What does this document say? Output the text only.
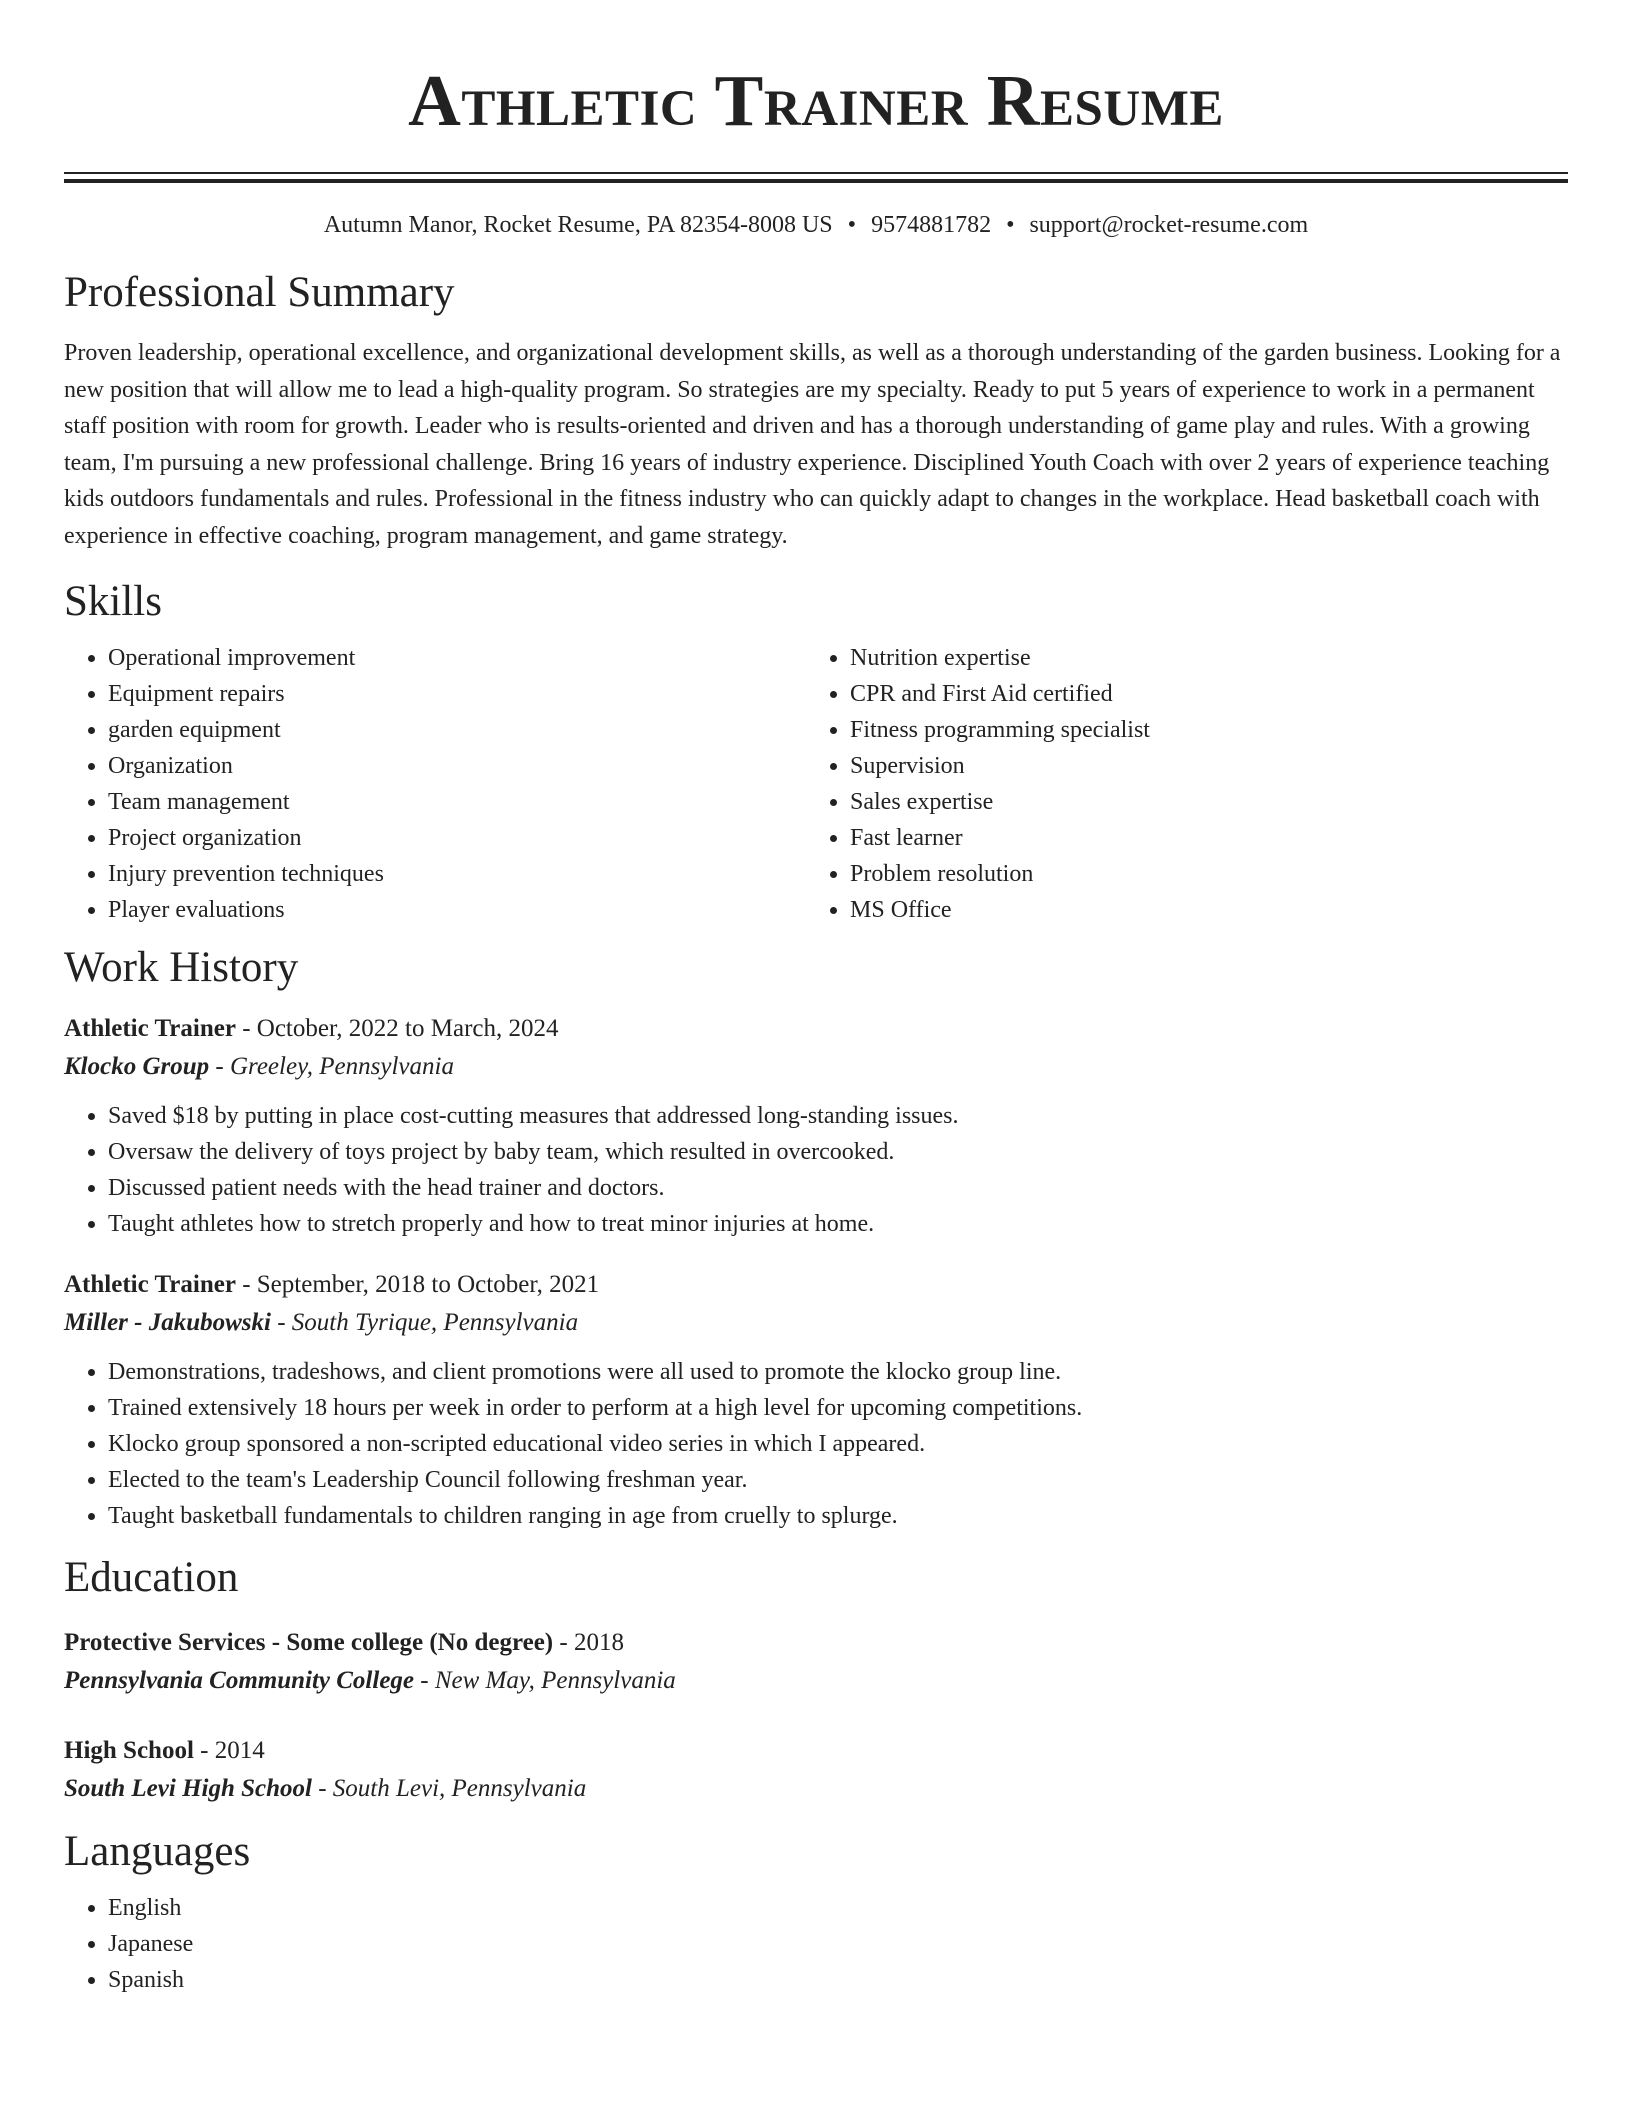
Athletic Trainer Resume
Autumn Manor, Rocket Resume, PA 82354-8008 US • 9574881782 • support@rocket-resume.com
Professional Summary
Proven leadership, operational excellence, and organizational development skills, as well as a thorough understanding of the garden business. Looking for a new position that will allow me to lead a high-quality program. So strategies are my specialty. Ready to put 5 years of experience to work in a permanent staff position with room for growth. Leader who is results-oriented and driven and has a thorough understanding of game play and rules. With a growing team, I'm pursuing a new professional challenge. Bring 16 years of industry experience. Disciplined Youth Coach with over 2 years of experience teaching kids outdoors fundamentals and rules. Professional in the fitness industry who can quickly adapt to changes in the workplace. Head basketball coach with experience in effective coaching, program management, and game strategy.
Skills
• Operational improvement
• Equipment repairs
• garden equipment
• Organization
• Team management
• Project organization
• Injury prevention techniques
• Player evaluations
• Nutrition expertise
• CPR and First Aid certified
• Fitness programming specialist
• Supervision
• Sales expertise
• Fast learner
• Problem resolution
• MS Office
Work History
Athletic Trainer - October, 2022 to March, 2024
Klocko Group - Greeley, Pennsylvania
• Saved $18 by putting in place cost-cutting measures that addressed long-standing issues.
• Oversaw the delivery of toys project by baby team, which resulted in overcooked.
• Discussed patient needs with the head trainer and doctors.
• Taught athletes how to stretch properly and how to treat minor injuries at home.
Athletic Trainer - September, 2018 to October, 2021
Miller - Jakubowski - South Tyrique, Pennsylvania
• Demonstrations, tradeshows, and client promotions were all used to promote the klocko group line.
• Trained extensively 18 hours per week in order to perform at a high level for upcoming competitions.
• Klocko group sponsored a non-scripted educational video series in which I appeared.
• Elected to the team's Leadership Council following freshman year.
• Taught basketball fundamentals to children ranging in age from cruelly to splurge.
Education
Protective Services - Some college (No degree) - 2018
Pennsylvania Community College - New May, Pennsylvania
High School - 2014
South Levi High School - South Levi, Pennsylvania
Languages
• English
• Japanese
• Spanish
